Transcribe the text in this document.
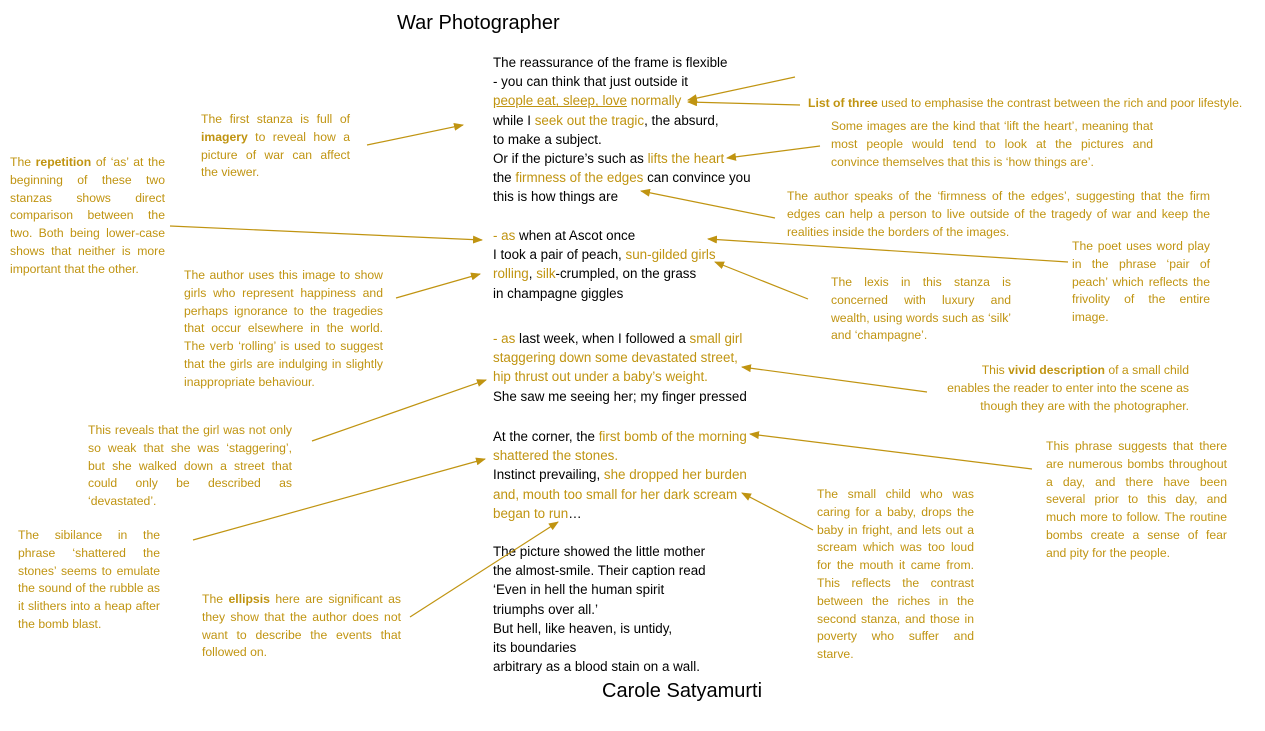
War Photographer
The reassurance of the frame is flexible
- you can think that just outside it
people eat, sleep, love normally
while I seek out the tragic, the absurd,
to make a subject.
Or if the picture’s such as lifts the heart
the firmness of the edges can convince you
this is how things are
- as when at Ascot once
I took a pair of peach, sun-gilded girls
rolling, silk-crumpled, on the grass
in champagne giggles
- as last week, when I followed a small girl
staggering down some devastated street,
hip thrust out under a baby’s weight.
She saw me seeing her; my finger pressed
At the corner, the first bomb of the morning
shattered the stones.
Instinct prevailing, she dropped her burden
and, mouth too small for her dark scream
began to run…
The picture showed the little mother
the almost-smile. Their caption read
‘Even in hell the human spirit
triumphs over all.’
But hell, like heaven, is untidy,
its boundaries
arbitrary as a blood stain on a wall.
Carole Satyamurti
The first stanza is full of imagery to reveal how a picture of war can affect the viewer.
The repetition of ‘as’ at the beginning of these two stanzas shows direct comparison between the two. Both being lower-case shows that neither is more important that the other.	The author uses this image to show girls who represent happiness and perhaps ignorance to the tragedies that occur elsewhere in the world. The verb ‘rolling’ is used to suggest that the girls are indulging in slightly inappropriate behaviour.
This reveals that the girl was not only so weak that she was ‘staggering’, but she walked down a street that could only be described as ‘devastated’.
The sibilance in the phrase ‘shattered the stones’ seems to emulate the sound of the rubble as it slithers into a heap after the bomb blast.
The ellipsis here are significant as they show that the author does not want to describe the events that followed on.
List of three used to emphasise the contrast between the rich and poor lifestyle.
Some images are the kind that ‘lift the heart’, meaning that most people would tend to look at the pictures and convince themselves that this is ‘how things are’.
The author speaks of the ‘firmness of the edges’, suggesting that the firm edges can help a person to live outside of the tragedy of war and keep the realities inside the borders of the images.
The poet uses word play in the phrase ‘pair of peach’ which reflects the frivolity of the entire image.
The lexis in this stanza is concerned with luxury and wealth, using words such as ‘silk’ and ‘champagne’.
This vivid description of a small child enables the reader to enter into the scene as though they are with the photographer.
This phrase suggests that there are numerous bombs throughout a day, and there have been several prior to this day, and much more to follow. The routine bombs create a sense of fear and pity for the people.
The small child who was caring for a baby, drops the baby in fright, and lets out a scream which was too loud for the mouth it came from. This reflects the contrast between the riches in the second stanza, and those in poverty who suffer and starve.
